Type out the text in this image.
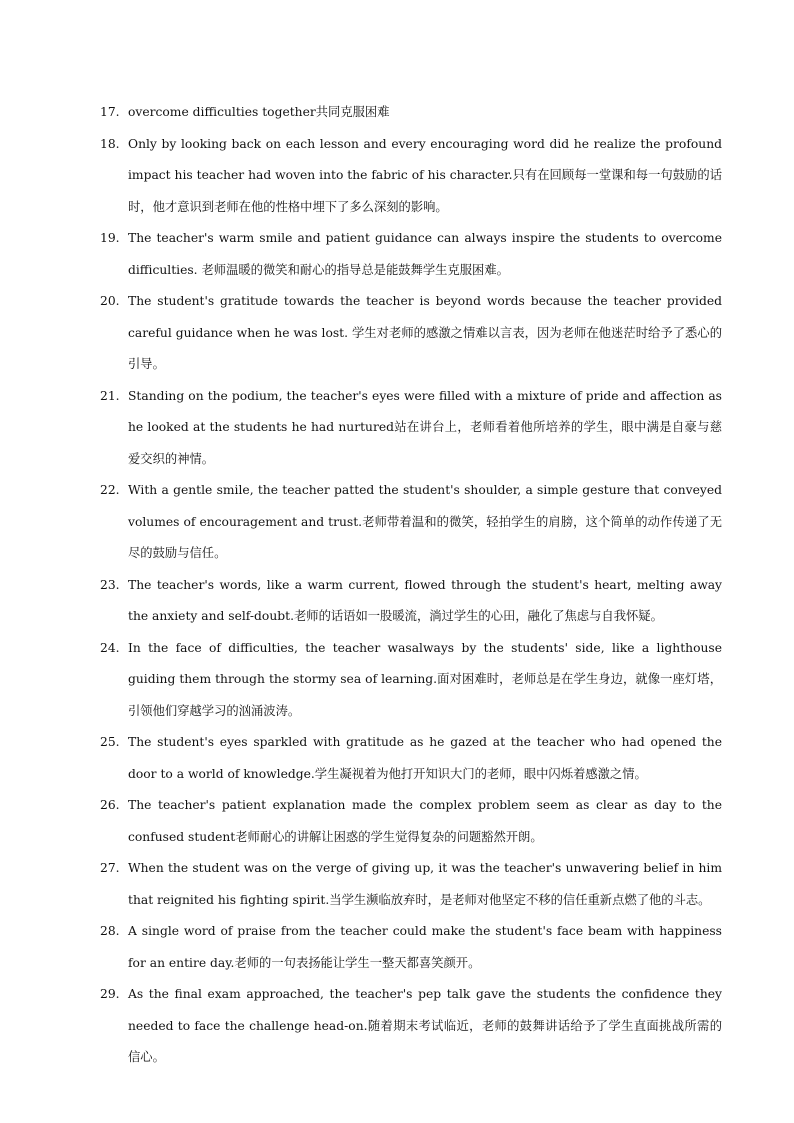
17. overcome difficulties together共同克服困难
18. Only by looking back on each lesson and every encouraging word did he realize the profound impact his teacher had woven into the fabric of his character.只有在回顾每一堂课和每一句鼓励的话时，他才意识到老师在他的性格中埋下了多么深刻的影响。
19. The teacher's warm smile and patient guidance can always inspire the students to overcome difficulties. 老师温暖的微笑和耐心的指导总是能鼓舞学生克服困难。
20. The student's gratitude towards the teacher is beyond words because the teacher provided careful guidance when he was lost. 学生对老师的感激之情难以言表，因为老师在他迷茫时给予了悉心的引导。
21. Standing on the podium, the teacher's eyes were filled with a mixture of pride and affection as he looked at the students he had nurtured站在讲台上，老师看着他所培养的学生，眼中满是自豪与慈爱交织的神情。
22. With a gentle smile, the teacher patted the student's shoulder, a simple gesture that conveyed volumes of encouragement and trust.老师带着温和的微笑，轻拍学生的肩膀，这个简单的动作传递了无尽的鼓励与信任。
23. The teacher's words, like a warm current, flowed through the student's heart, melting away the anxiety and self-doubt.老师的话语如一股暖流，淌过学生的心田，融化了焦虑与自我怀疑。
24. In the face of difficulties, the teacher wasalways by the students' side, like a lighthouse guiding them through the stormy sea of learning.面对困难时，老师总是在学生身边，就像一座灯塔，引领他们穿越学习的汹涌波涛。
25. The student's eyes sparkled with gratitude as he gazed at the teacher who had opened the door to a world of knowledge.学生凝视着为他打开知识大门的老师，眼中闪烁着感激之情。
26. The teacher's patient explanation made the complex problem seem as clear as day to the confused student老师耐心的讲解让困惑的学生觉得复杂的问题豁然开朗。
27. When the student was on the verge of giving up, it was the teacher's unwavering belief in him that reignited his fighting spirit.当学生濒临放弃时，是老师对他坚定不移的信任重新点燃了他的斗志。
28. A single word of praise from the teacher could make the student's face beam with happiness for an entire day.老师的一句表扬能让学生一整天都喜笑颜开。
29. As the final exam approached, the teacher's pep talk gave the students the confidence they needed to face the challenge head-on.随着期末考试临近，老师的鼓舞讲话给予了学生直面挑战所需的信心。
